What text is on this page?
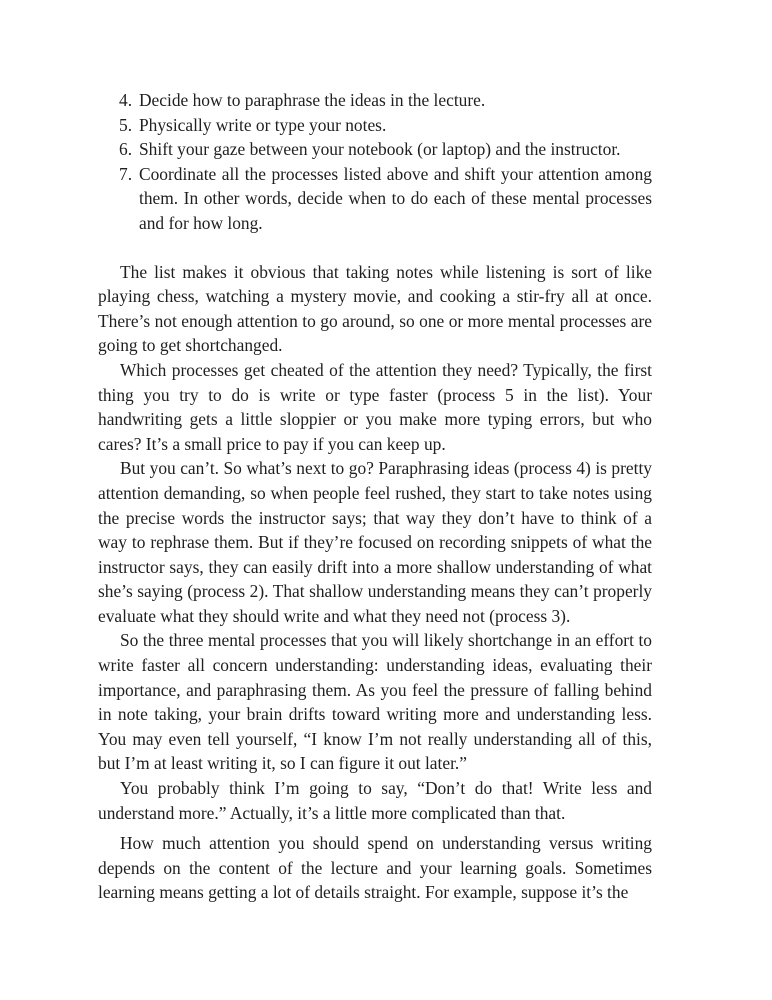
4. Decide how to paraphrase the ideas in the lecture.
5. Physically write or type your notes.
6. Shift your gaze between your notebook (or laptop) and the instructor.
7. Coordinate all the processes listed above and shift your attention among them. In other words, decide when to do each of these mental processes and for how long.

The list makes it obvious that taking notes while listening is sort of like playing chess, watching a mystery movie, and cooking a stir-fry all at once. There’s not enough attention to go around, so one or more mental processes are going to get shortchanged.

Which processes get cheated of the attention they need? Typically, the first thing you try to do is write or type faster (process 5 in the list). Your handwriting gets a little sloppier or you make more typing errors, but who cares? It’s a small price to pay if you can keep up.

But you can’t. So what’s next to go? Paraphrasing ideas (process 4) is pretty attention demanding, so when people feel rushed, they start to take notes using the precise words the instructor says; that way they don’t have to think of a way to rephrase them. But if they’re focused on recording snippets of what the instructor says, they can easily drift into a more shallow understanding of what she’s saying (process 2). That shallow understanding means they can’t properly evaluate what they should write and what they need not (process 3).

So the three mental processes that you will likely shortchange in an effort to write faster all concern understanding: understanding ideas, evaluating their importance, and paraphrasing them. As you feel the pressure of falling behind in note taking, your brain drifts toward writing more and understanding less. You may even tell yourself, “I know I’m not really understanding all of this, but I’m at least writing it, so I can figure it out later.”

You probably think I’m going to say, “Don’t do that! Write less and understand more.” Actually, it’s a little more complicated than that.

How much attention you should spend on understanding versus writing depends on the content of the lecture and your learning goals. Sometimes learning means getting a lot of details straight. For example, suppose it’s the
